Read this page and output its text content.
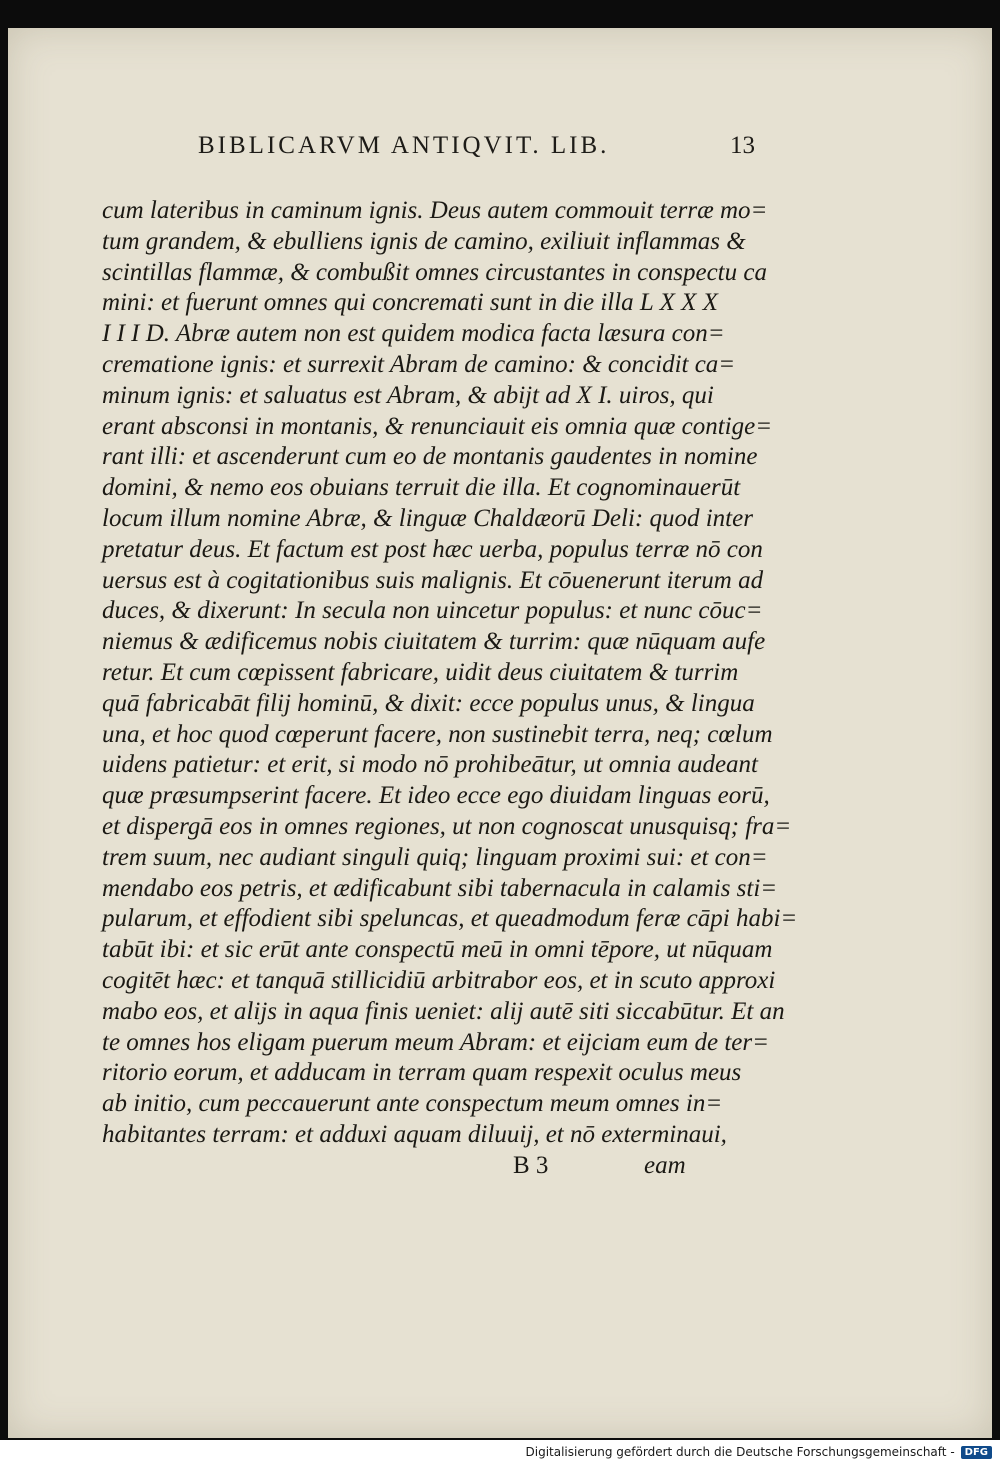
BIBLICARVM ANTIQVIT. LIB.	13
cum lateribus in caminum ignis. Deus autem commouit terræ mo=
tum grandem, & ebulliens ignis de camino, exiliuit inflammas &
scintillas flammæ, & combußit omnes circustantes in conspectu ca
mini: et fuerunt omnes qui concremati sunt in die illa L X X X
I I I D. Abræ autem non est quidem modica facta læsura con=
crematione ignis: et surrexit Abram de camino: & concidit ca=
minum ignis: et saluatus est Abram, & abijt ad X I. uiros, qui
erant absconsi in montanis, & renunciauit eis omnia quæ contige=
rant illi: et ascenderunt cum eo de montanis gaudentes in nomine
domini, & nemo eos obuians terruit die illa. Et cognominauerūt
locum illum nomine Abræ, & linguæ Chaldæorū Deli: quod inter
pretatur deus. Et factum est post hæc uerba, populus terræ nō con
uersus est à cogitationibus suis malignis. Et cōuenerunt iterum ad
duces, & dixerunt: In secula non uincetur populus: et nunc cōuc=
niemus & ædificemus nobis ciuitatem & turrim: quæ nūquam aufe
retur. Et cum cœpissent fabricare, uidit deus ciuitatem & turrim
quā fabricabāt filij hominū, & dixit: ecce populus unus, & lingua
una, et hoc quod cœperunt facere, non sustinebit terra, neq; cœlum
uidens patietur: et erit, si modo nō prohibeātur, ut omnia audeant
quæ præsumpserint facere. Et ideo ecce ego diuidam linguas eorū,
et dispergā eos in omnes regiones, ut non cognoscat unusquisq; fra=
trem suum, nec audiant singuli quiq; linguam proximi sui: et con=
mendabo eos petris, et ædificabunt sibi tabernacula in calamis sti=
pularum, et effodient sibi speluncas, et queadmodum feræ cāpi habi=
tabūt ibi: et sic erūt ante conspectū meū in omni tēpore, ut nūquam
cogitēt hæc: et tanquā stillicidiū arbitrabor eos, et in scuto approxi
mabo eos, et alijs in aqua finis ueniet: alij autē siti siccabūtur. Et an
te omnes hos eligam puerum meum Abram: et eijciam eum de ter=
ritorio eorum, et adducam in terram quam respexit oculus meus
ab initio, cum peccauerunt ante conspectum meum omnes in=
habitantes terram: et adduxi aquam diluuij, et nō exterminaui,
B 3	eam
Digitalisierung gefördert durch die Deutsche Forschungsgemeinschaft -	DFG
